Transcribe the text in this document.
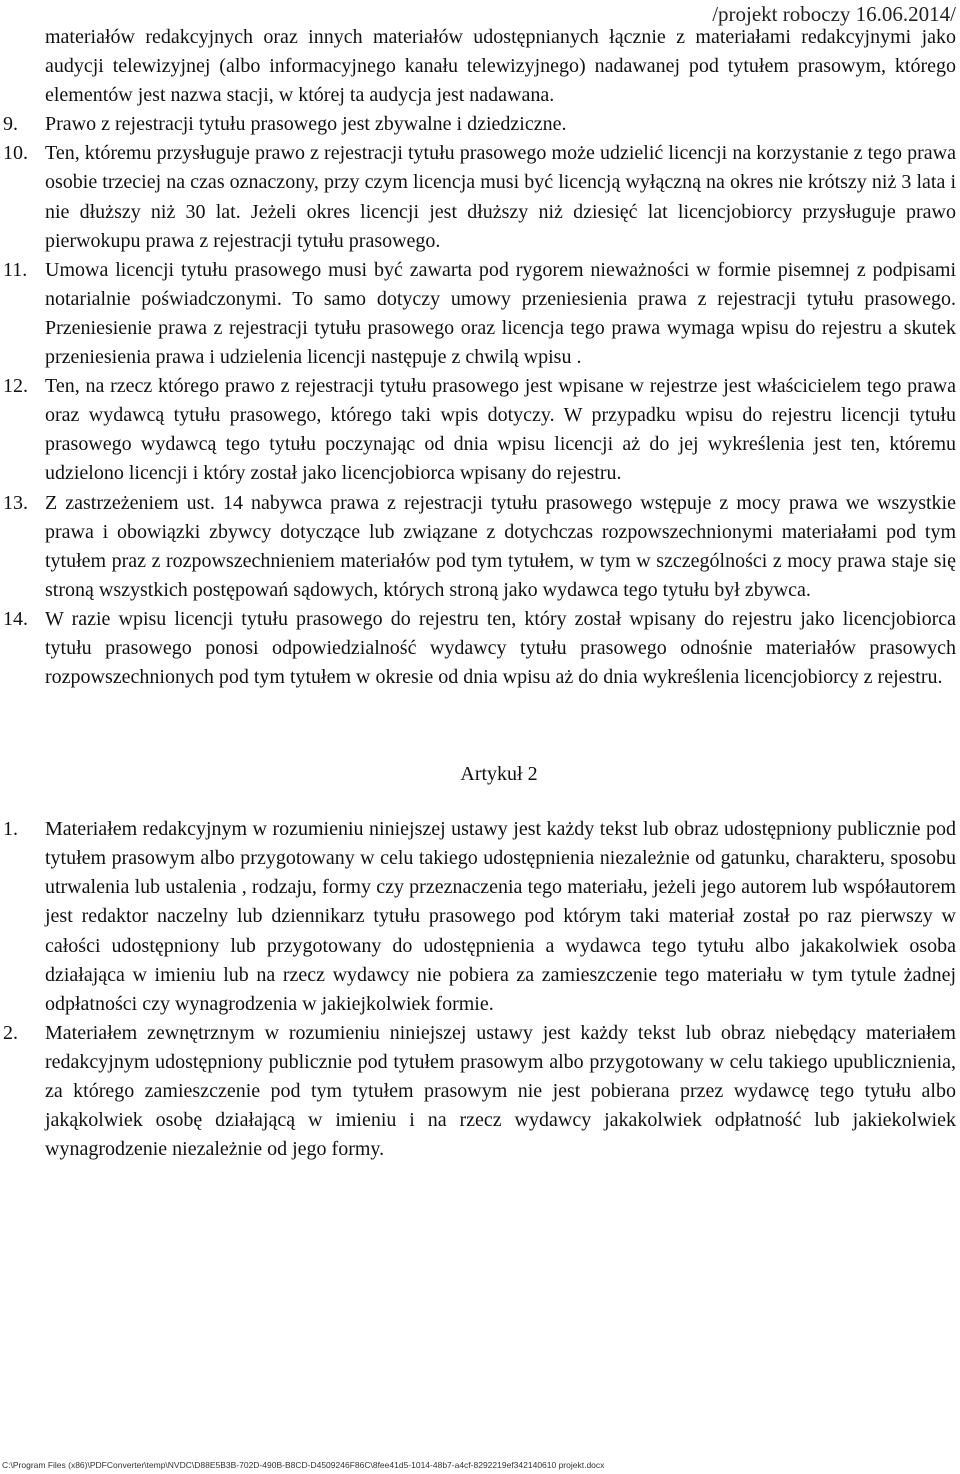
/projekt roboczy 16.06.2014/

materiałów redakcyjnych oraz innych materiałów udostępnianych łącznie z materiałami redakcyjnymi jako audycji telewizyjnej (albo informacyjnego kanału telewizyjnego) nadawanej pod tytułem prasowym, którego elementów jest nazwa stacji, w której ta audycja jest nadawana.

9. Prawo z rejestracji tytułu prasowego jest zbywalne i dziedziczne.

10. Ten, któremu przysługuje prawo z rejestracji tytułu prasowego może udzielić licencji na korzystanie z tego prawa osobie trzeciej na czas oznaczony, przy czym licencja musi być licencją wyłączną na okres nie krótszy niż 3 lata i nie dłuższy niż 30 lat. Jeżeli okres licencji jest dłuższy niż dziesięć lat licencjobiorcy przysługuje prawo pierwokupu prawa z rejestracji tytułu prasowego.

11. Umowa licencji tytułu prasowego musi być zawarta pod rygorem nieważności w formie pisemnej z podpisami notarialnie poświadczonymi. To samo dotyczy umowy przeniesienia prawa z rejestracji tytułu prasowego. Przeniesienie prawa z rejestracji tytułu prasowego oraz licencja tego prawa wymaga wpisu do rejestru a skutek przeniesienia prawa i udzielenia licencji następuje z chwilą wpisu .

12. Ten, na rzecz którego prawo z rejestracji tytułu prasowego jest wpisane w rejestrze jest właścicielem tego prawa oraz wydawcą tytułu prasowego, którego taki wpis dotyczy. W przypadku wpisu do rejestru licencji tytułu prasowego wydawcą tego tytułu poczynając od dnia wpisu licencji aż do jej wykreślenia jest ten, któremu udzielono licencji i który został jako licencjobiorca wpisany do rejestru.

13. Z zastrzeżeniem ust. 14 nabywca prawa z rejestracji tytułu prasowego wstępuje z mocy prawa we wszystkie prawa i obowiązki zbywcy dotyczące lub związane z dotychczas rozpowszechnionymi materiałami pod tym tytułem praz z rozpowszechnieniem materiałów pod tym tytułem, w tym w szczególności z mocy prawa staje się stroną wszystkich postępowań sądowych, których stroną jako wydawca tego tytułu był zbywca.

14. W razie wpisu licencji tytułu prasowego do rejestru ten, który został wpisany do rejestru jako licencjobiorca tytułu prasowego ponosi odpowiedzialność wydawcy tytułu prasowego odnośnie materiałów prasowych rozpowszechnionych pod tym tytułem w okresie od dnia wpisu aż do dnia wykreślenia licencjobiorcy z rejestru.

Artykuł 2

1. Materiałem redakcyjnym w rozumieniu niniejszej ustawy jest każdy tekst lub obraz udostępniony publicznie pod tytułem prasowym albo przygotowany w celu takiego udostępnienia niezależnie od gatunku, charakteru, sposobu utrwalenia lub ustalenia , rodzaju, formy czy przeznaczenia tego materiału, jeżeli jego autorem lub współautorem jest redaktor naczelny lub dziennikarz tytułu prasowego pod którym taki materiał został po raz pierwszy w całości udostępniony lub przygotowany do udostępnienia a wydawca tego tytułu albo jakakolwiek osoba działająca w imieniu lub na rzecz wydawcy nie pobiera za zamieszczenie tego materiału w tym tytule żadnej odpłatności czy wynagrodzenia w jakiejkolwiek formie.

2. Materiałem zewnętrznym w rozumieniu niniejszej ustawy jest każdy tekst lub obraz niebędący materiałem redakcyjnym udostępniony publicznie pod tytułem prasowym albo przygotowany w celu takiego upublicznienia, za którego zamieszczenie pod tym tytułem prasowym nie jest pobierana przez wydawcę tego tytułu albo jakąkolwiek osobę działającą w imieniu i na rzecz wydawcy jakakolwiek odpłatność lub jakiekolwiek wynagrodzenie niezależnie od jego formy.

C:\Program Files (x86)\PDFConverter\temp\NVDC\D88E5B3B-702D-490B-B8CD-D4509246F86C\8fee41d5-1014-48b7-a4cf-8292219ef342140610 projekt.docx
